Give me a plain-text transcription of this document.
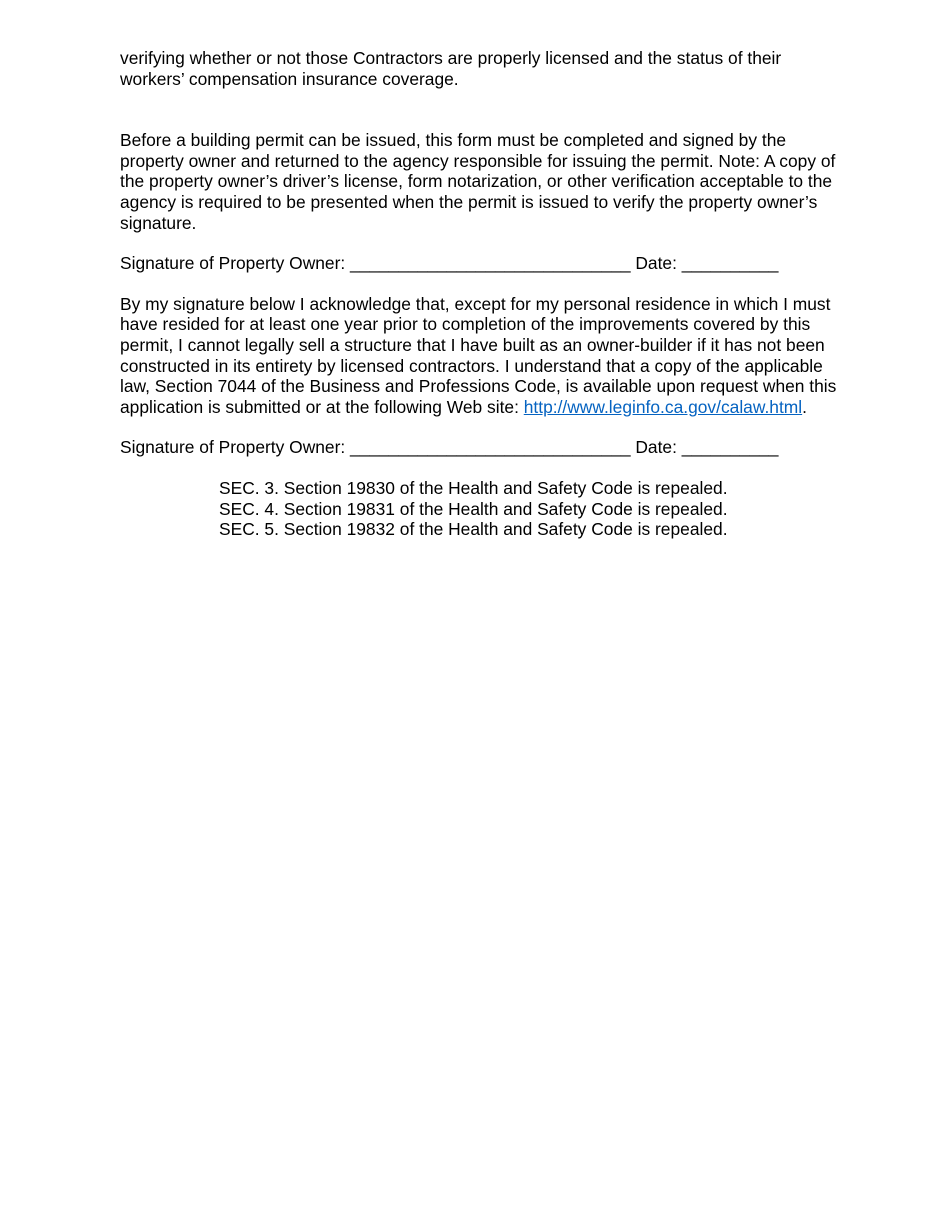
verifying whether or not those Contractors are properly licensed and the status of their workers’ compensation insurance coverage.

Before a building permit can be issued, this form must be completed and signed by the property owner and returned to the agency responsible for issuing the permit. Note: A copy of the property owner’s driver’s license, form notarization, or other verification acceptable to the agency is required to be presented when the permit is issued to verify the property owner’s signature.

Signature of Property Owner: _____________________________ Date: __________

By my signature below I acknowledge that, except for my personal residence in which I must have resided for at least one year prior to completion of the improvements covered by this permit, I cannot legally sell a structure that I have built as an owner-builder if it has not been constructed in its entirety by licensed contractors. I understand that a copy of the applicable law, Section 7044 of the Business and Professions Code, is available upon request when this application is submitted or at the following Web site: http://www.leginfo.ca.gov/calaw.html.

Signature of Property Owner: _____________________________ Date: __________

SEC. 3. Section 19830 of the Health and Safety Code is repealed.

SEC. 4. Section 19831 of the Health and Safety Code is repealed.

SEC. 5. Section 19832 of the Health and Safety Code is repealed.
